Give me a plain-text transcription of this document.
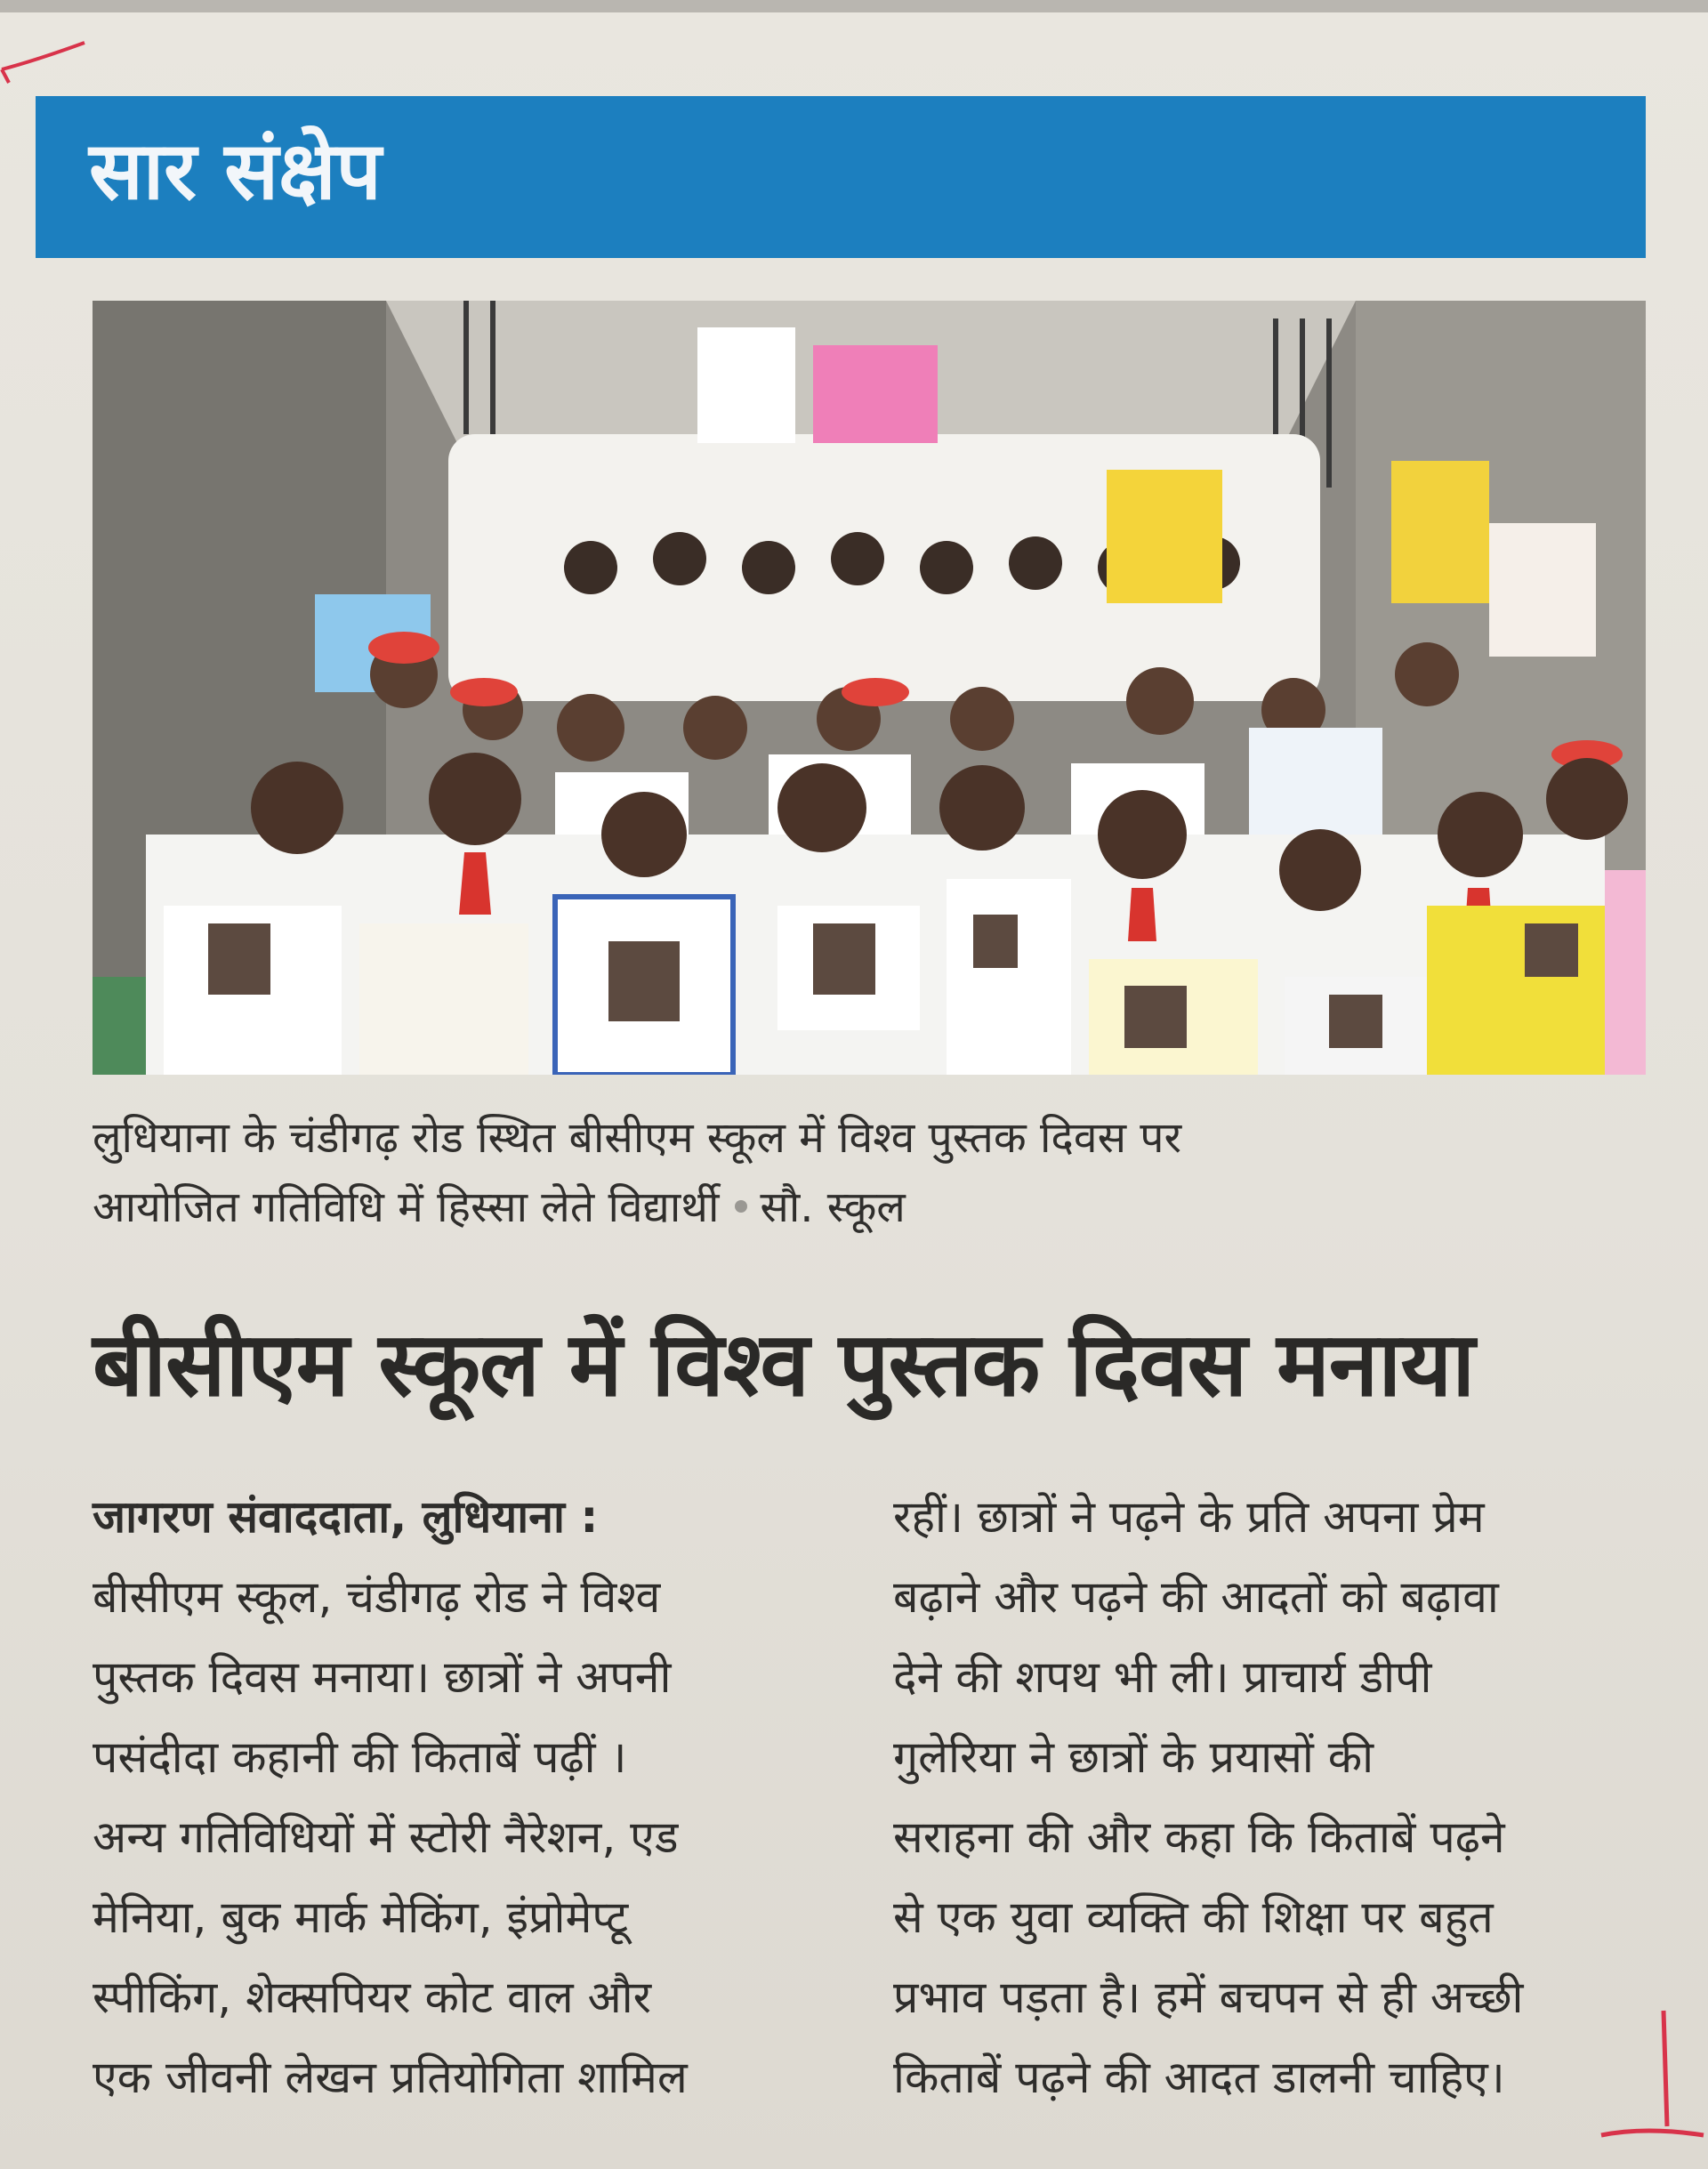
सार संक्षेप
लुधियाना के चंडीगढ़ रोड स्थित बीसीएम स्कूल में विश्व पुस्तक दिवस पर
आयोजित गतिविधि में हिस्सा लेते विद्यार्थी सौ. स्कूल
बीसीएम स्कूल में विश्व पुस्तक दिवस मनाया
जागरण संवाददाता, लुधियाना :
बीसीएम स्कूल, चंडीगढ़ रोड ने विश्व
पुस्तक दिवस मनाया। छात्रों ने अपनी
पसंदीदा कहानी की किताबें पढ़ीं ।
अन्य गतिविधियों में स्टोरी नैरेशन, एड
मेनिया, बुक मार्क मेकिंग, इंप्रोमेप्टू
स्पीकिंग, शेक्सपियर कोट वाल और
एक जीवनी लेखन प्रतियोगिता शामिल
रहीं। छात्रों ने पढ़ने के प्रति अपना प्रेम
बढ़ाने और पढ़ने की आदतों को बढ़ावा
देने की शपथ भी ली। प्राचार्य डीपी
गुलेरिया ने छात्रों के प्रयासों की
सराहना की और कहा कि किताबें पढ़ने
से एक युवा व्यक्ति की शिक्षा पर बहुत
प्रभाव पड़ता है। हमें बचपन से ही अच्छी
किताबें पढ़ने की आदत डालनी चाहिए।
